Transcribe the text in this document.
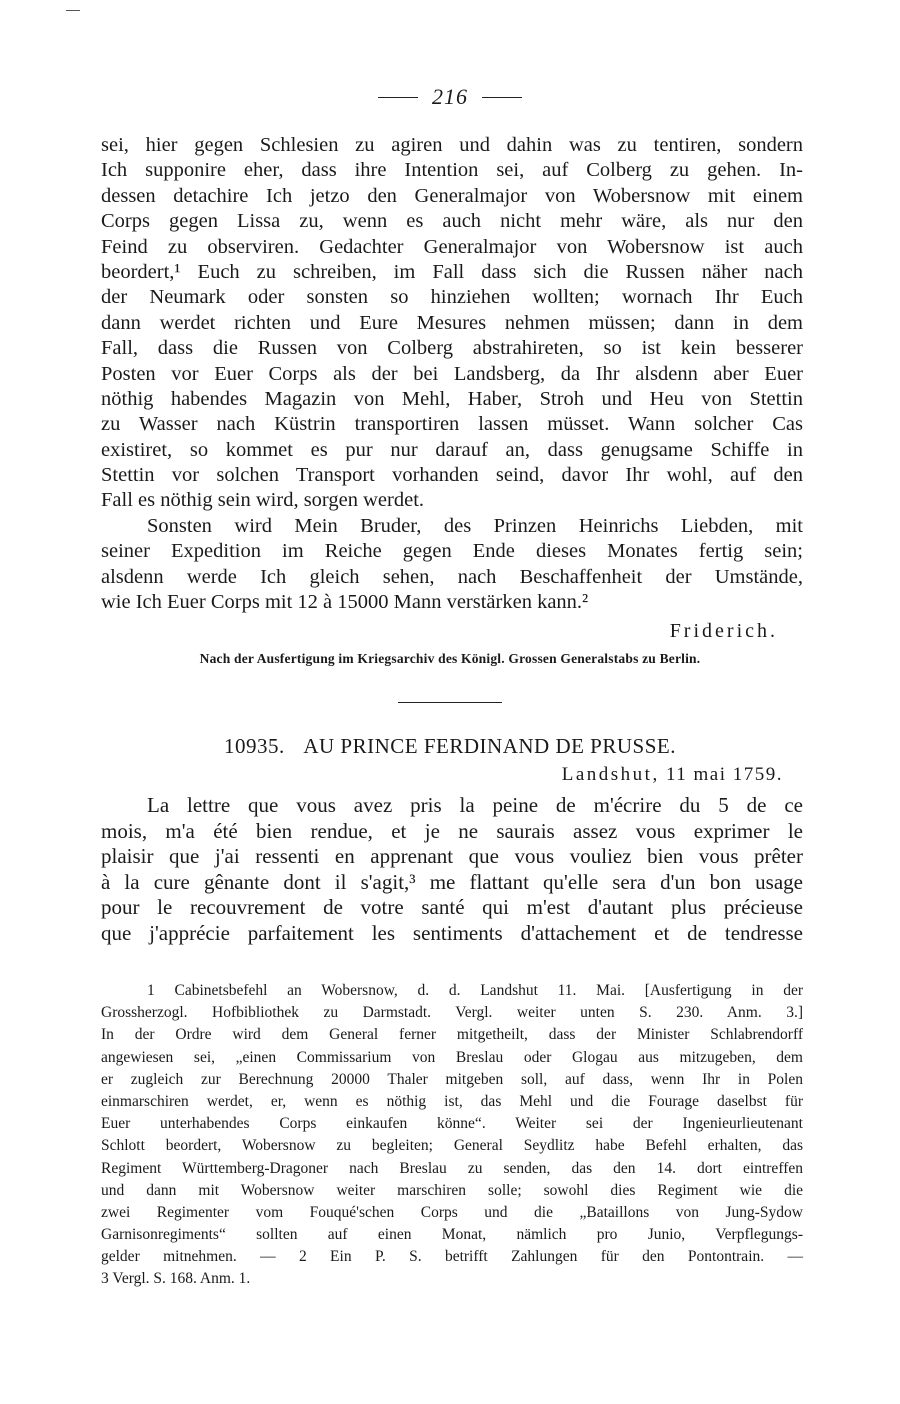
216
sei, hier gegen Schlesien zu agiren und dahin was zu tentiren, sondern
Ich supponire eher, dass ihre Intention sei, auf Colberg zu gehen. In-
dessen detachire Ich jetzo den Generalmajor von Wobersnow mit einem
Corps gegen Lissa zu, wenn es auch nicht mehr wäre, als nur den
Feind zu observiren. Gedachter Generalmajor von Wobersnow ist auch
beordert,¹ Euch zu schreiben, im Fall dass sich die Russen näher nach
der Neumark oder sonsten so hinziehen wollten; wornach Ihr Euch
dann werdet richten und Eure Mesures nehmen müssen; dann in dem
Fall, dass die Russen von Colberg abstrahireten, so ist kein besserer
Posten vor Euer Corps als der bei Landsberg, da Ihr alsdenn aber Euer
nöthig habendes Magazin von Mehl, Haber, Stroh und Heu von Stettin
zu Wasser nach Küstrin transportiren lassen müsset. Wann solcher Cas
existiret, so kommet es pur nur darauf an, dass genugsame Schiffe in
Stettin vor solchen Transport vorhanden seind, davor Ihr wohl, auf den
Fall es nöthig sein wird, sorgen werdet.
Sonsten wird Mein Bruder, des Prinzen Heinrichs Liebden, mit
seiner Expedition im Reiche gegen Ende dieses Monates fertig sein;
alsdenn werde Ich gleich sehen, nach Beschaffenheit der Umstände,
wie Ich Euer Corps mit 12 à 15000 Mann verstärken kann.²
Friderich.
Nach der Ausfertigung im Kriegsarchiv des Königl. Grossen Generalstabs zu Berlin.
10935. AU PRINCE FERDINAND DE PRUSSE.
Landshut, 11 mai 1759.
La lettre que vous avez pris la peine de m'écrire du 5 de ce
mois, m'a été bien rendue, et je ne saurais assez vous exprimer le
plaisir que j'ai ressenti en apprenant que vous vouliez bien vous prêter
à la cure gênante dont il s'agit,³ me flattant qu'elle sera d'un bon usage
pour le recouvrement de votre santé qui m'est d'autant plus précieuse
que j'apprécie parfaitement les sentiments d'attachement et de tendresse
1 Cabinetsbefehl an Wobersnow, d. d. Landshut 11. Mai. [Ausfertigung in der
Grossherzogl. Hofbibliothek zu Darmstadt. Vergl. weiter unten S. 230. Anm. 3.]
In der Ordre wird dem General ferner mitgetheilt, dass der Minister Schlabrendorff
angewiesen sei, „einen Commissarium von Breslau oder Glogau aus mitzugeben, dem
er zugleich zur Berechnung 20000 Thaler mitgeben soll, auf dass, wenn Ihr in Polen
einmarschiren werdet, er, wenn es nöthig ist, das Mehl und die Fourage daselbst für
Euer unterhabendes Corps einkaufen könne“. Weiter sei der Ingenieurlieutenant
Schlott beordert, Wobersnow zu begleiten; General Seydlitz habe Befehl erhalten, das
Regiment Württemberg-Dragoner nach Breslau zu senden, das den 14. dort eintreffen
und dann mit Wobersnow weiter marschiren solle; sowohl dies Regiment wie die
zwei Regimenter vom Fouqué'schen Corps und die „Bataillons von Jung-Sydow
Garnisonregiments“ sollten auf einen Monat, nämlich pro Junio, Verpflegungs-
gelder mitnehmen. — 2 Ein P. S. betrifft Zahlungen für den Pontontrain. —
3 Vergl. S. 168. Anm. 1.
